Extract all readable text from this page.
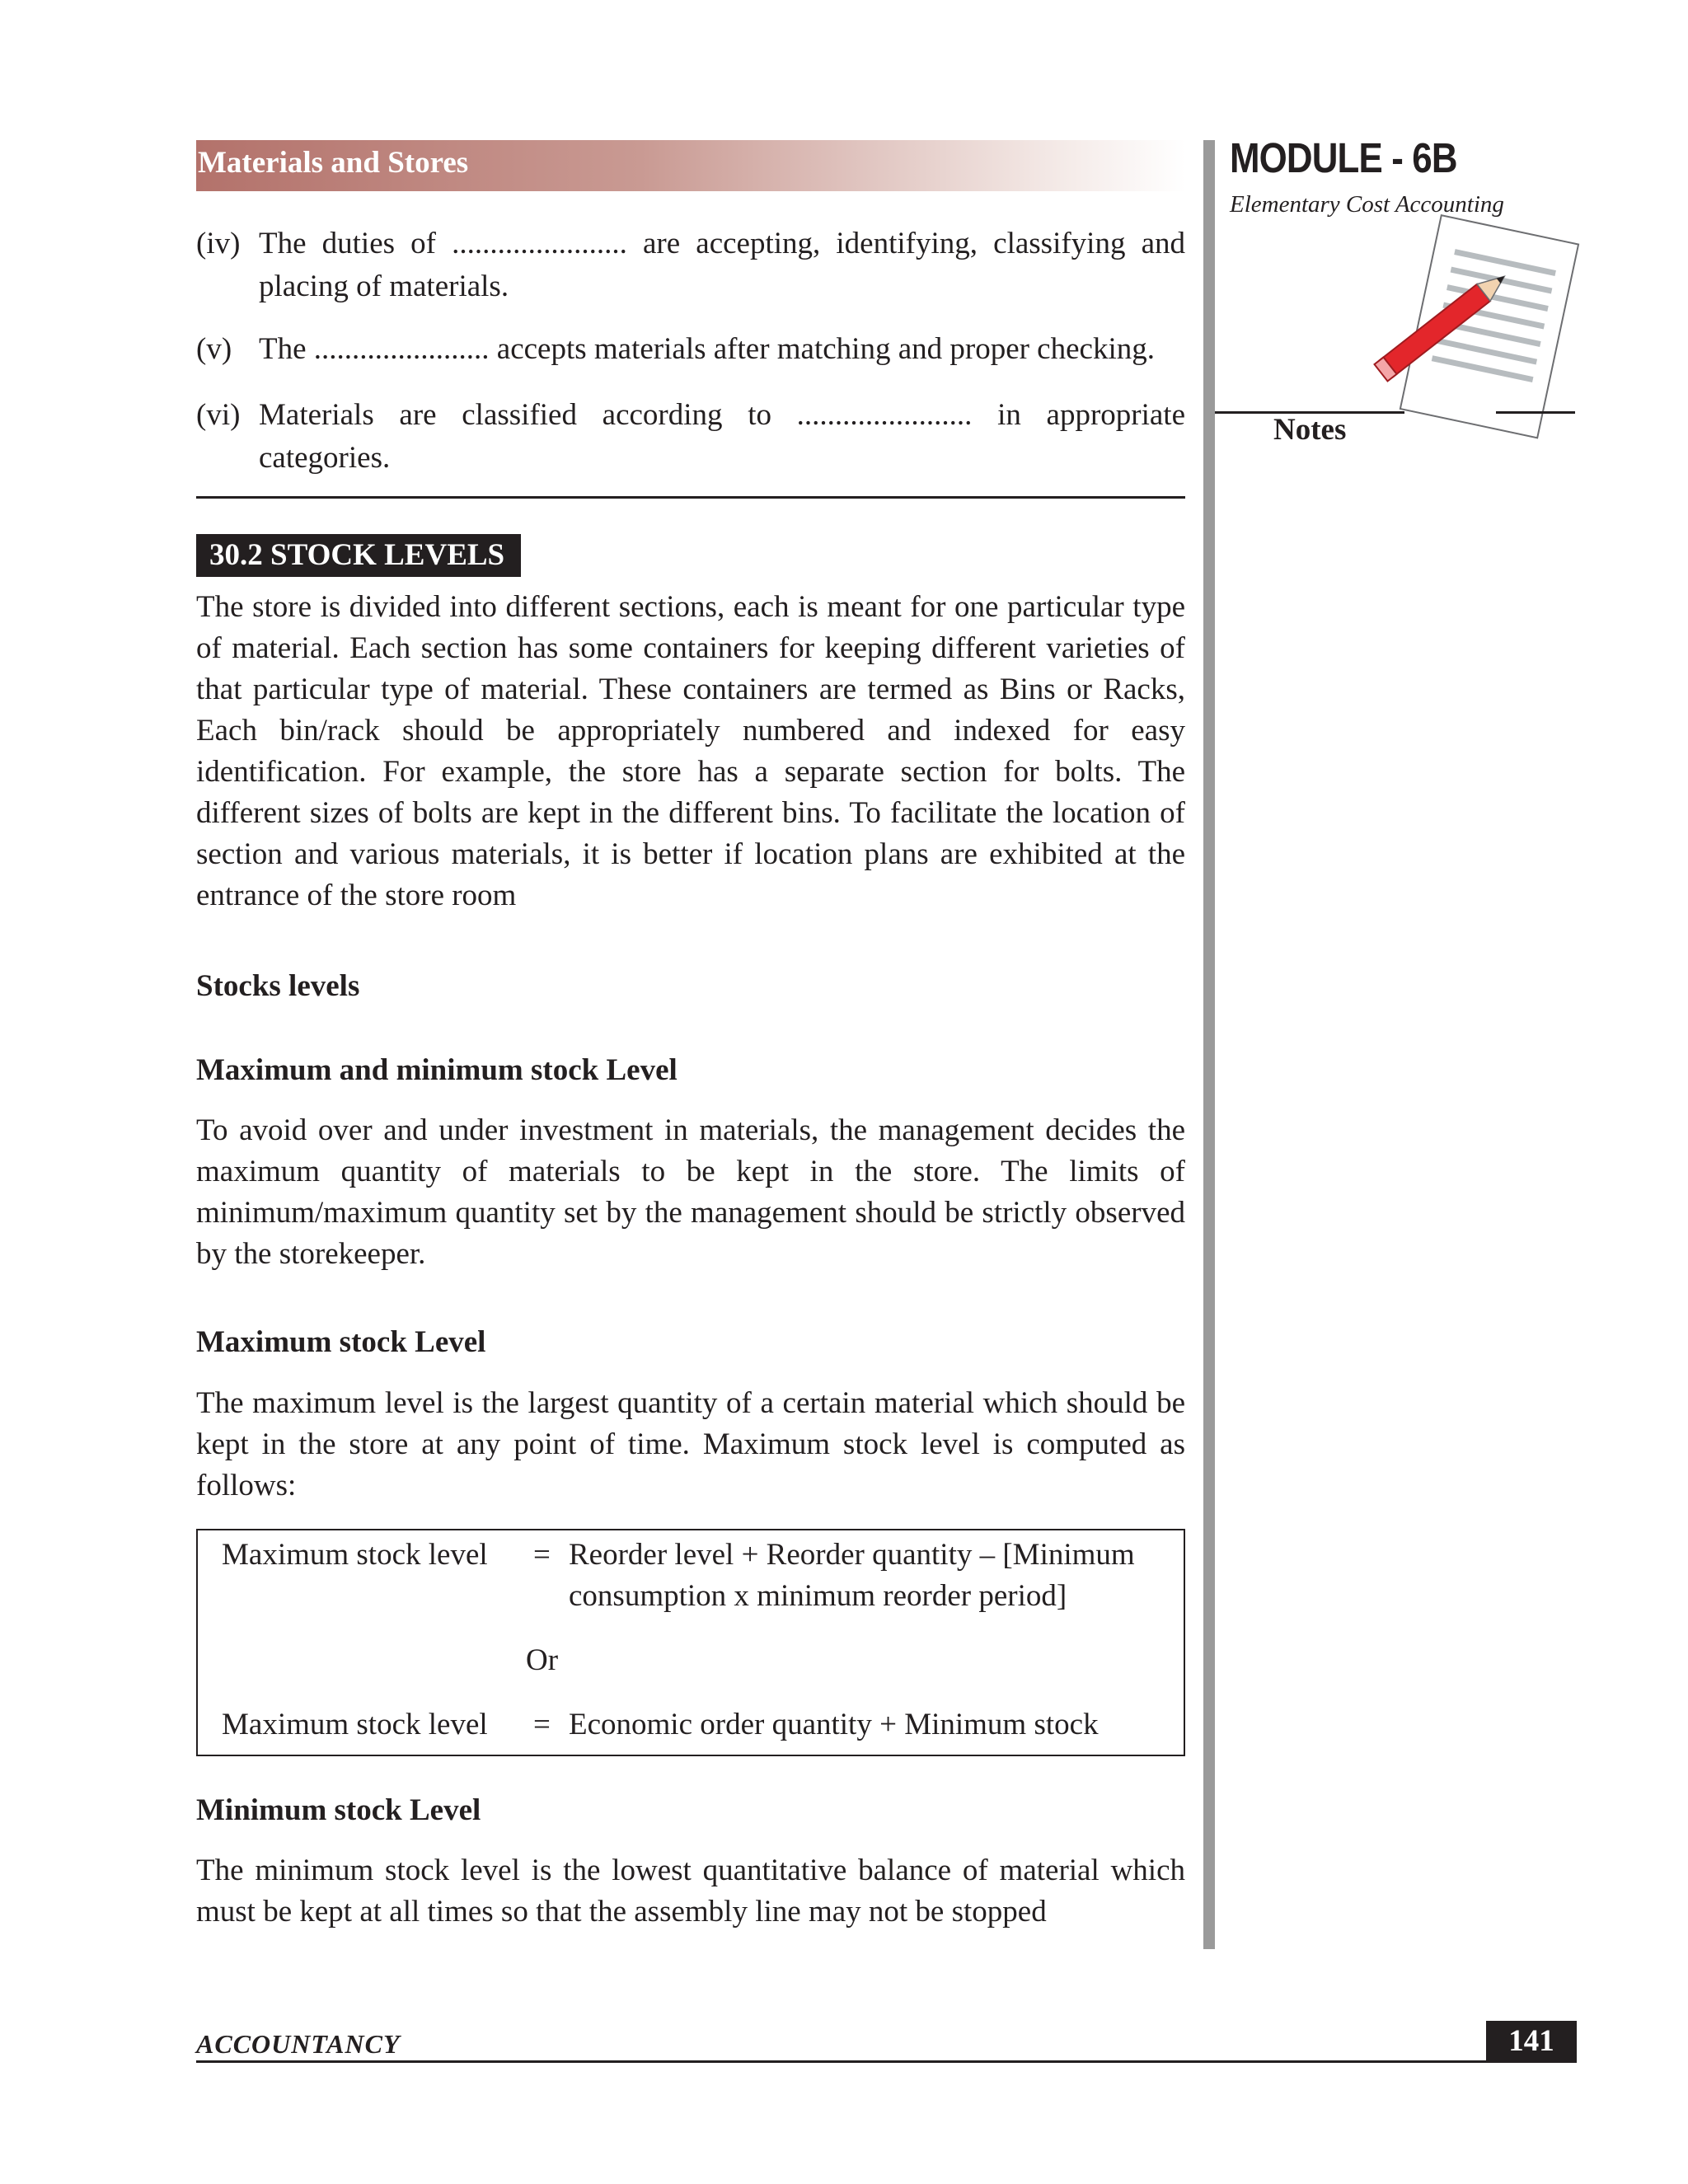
Materials and Stores	MODULE - 6B
Elementary Cost Accounting
Notes
(iv) The duties of ....................... are accepting, identifying, classifying and placing of materials.
(v) The ....................... accepts materials after matching and proper checking.
(vi) Materials are classified according to ....................... in appropriate categories.
30.2 STOCK LEVELS

The store is divided into different sections, each is meant for one particular type of material. Each section has some containers for keeping different varieties of that particular type of material. These containers are termed as Bins or Racks, Each bin/rack should be appropriately numbered and indexed for easy identification. For example, the store has a separate section for bolts. The different sizes of bolts are kept in the different bins. To facilitate the location of section and various materials, it is better if location plans are exhibited at the entrance of the store room

Stocks levels
Maximum and minimum stock Level

To avoid over and under investment in materials, the management decides the maximum quantity of materials to be kept in the store. The limits of minimum/maximum quantity set by the management should be strictly observed by the storekeeper.

Maximum stock Level

The maximum level is the largest quantity of a certain material which should be kept in the store at any point of time. Maximum stock level is computed as follows:

Maximum stock level = Reorder level + Reorder quantity – [Minimum
consumption x minimum reorder period]
Or
Maximum stock level = Economic order quantity + Minimum stock
Minimum stock Level

The minimum stock level is the lowest quantitative balance of material which must be kept at all times so that the assembly line may not be stopped

ACCOUNTANCY	141
